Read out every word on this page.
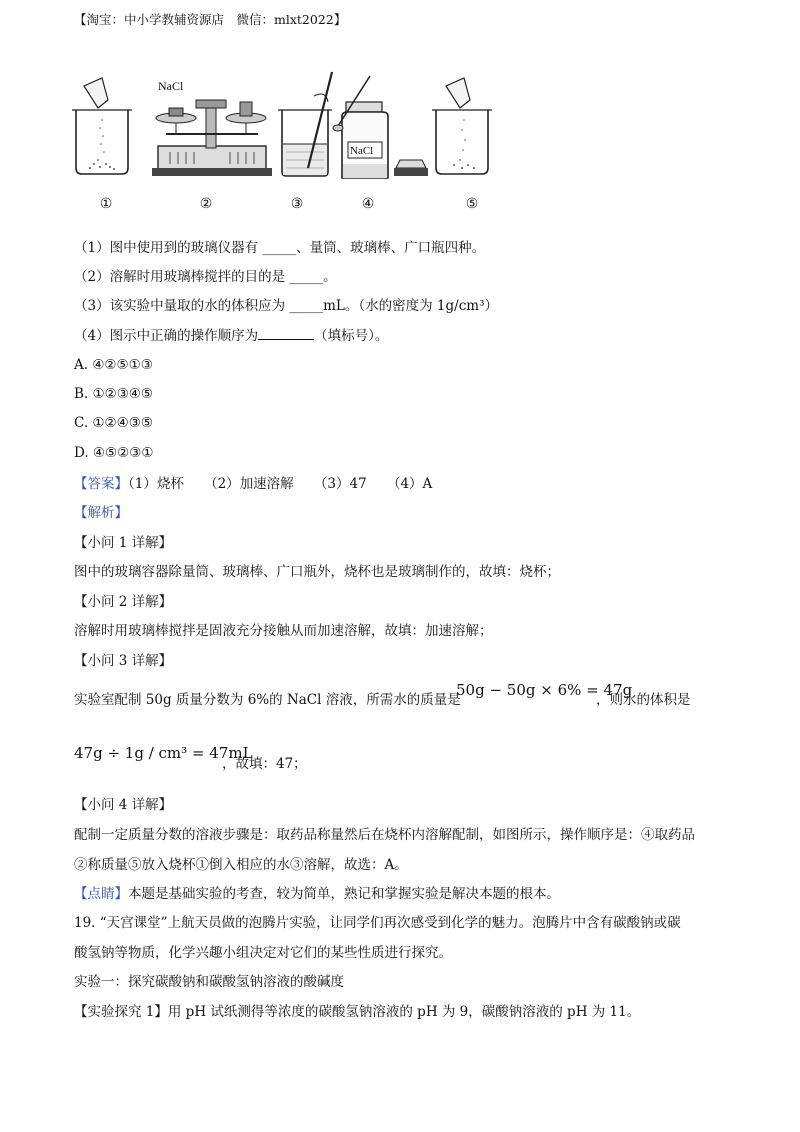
【淘宝：中小学教辅资源店　微信：mlxt2022】
NaCl
NaCl
①	②	③	④	⑤
（1）图中使用到的玻璃仪器有 _____、量筒、玻璃棒、广口瓶四种。
（2）溶解时用玻璃棒搅拌的目的是 _____。
（3）该实验中量取的水的体积应为 _____mL。（水的密度为 1g/cm³）
（4）图示中正确的操作顺序为	（填标号）。
A. ④②⑤①③
B. ①②③④⑤
C. ①②④③⑤
D. ④⑤②③①
【答案】（1）烧杯　　（2）加速溶解　　（3）47　　（4）A
【解析】
【小问 1 详解】
图中的玻璃容器除量筒、玻璃棒、广口瓶外，烧杯也是玻璃制作的，故填：烧杯；
【小问 2 详解】
溶解时用玻璃棒搅拌是固液充分接触从而加速溶解，故填：加速溶解；
【小问 3 详解】
实验室配制 50g 质量分数为 6%的 NaCl 溶液，所需水的质量是
50g − 50g × 6% = 47g
，则水的体积是
47g ÷ 1g / cm³ = 47mL
，故填：47；
【小问 4 详解】
配制一定质量分数的溶液步骤是：取药品称量然后在烧杯内溶解配制，如图所示，操作顺序是：④取药品
②称质量⑤放入烧杯①倒入相应的水③溶解，故选：A。
【点睛】本题是基础实验的考查，较为简单，熟记和掌握实验是解决本题的根本。
19. “天宫课堂”上航天员做的泡腾片实验，让同学们再次感受到化学的魅力。泡腾片中含有碳酸钠或碳
酸氢钠等物质，化学兴趣小组决定对它们的某些性质进行探究。
实验一：探究碳酸钠和碳酸氢钠溶液的酸碱度
【实验探究 1】用 pH 试纸测得等浓度的碳酸氢钠溶液的 pH 为 9，碳酸钠溶液的 pH 为 11。
